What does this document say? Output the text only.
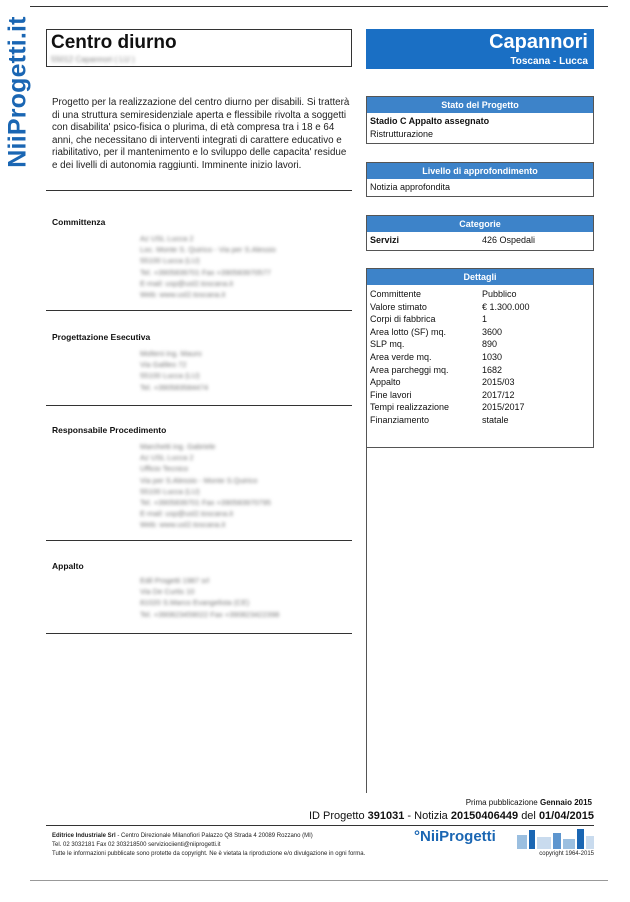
NiiProgetti.it Centro diurno
55012 Capannori ( LU )
Capannori
Toscana - Lucca
Progetto per la realizzazione del centro diurno per disabili. Si tratterà di una struttura semiresidenziale aperta e flessibile rivolta a soggetti con disabilita' psico-fisica o plurima, di età compresa tra i 18 e 64 anni, che necessitano di interventi integrati di carattere educativo e riabilitativo, per il mantenimento e lo sviluppo delle capacita' residue e dei livelli di autonomia raggiunti. Imminente inizio lavori.
Committenza
Az USL Lucca 2
Loc. Monte S. Quirico - Via per S.Alessio
55100 Lucca (LU)
Tel. +3905839701 Fax +390583970577
E-mail: usp@usl2.toscana.it
Web: www.usl2.toscana.it
Progettazione Esecutiva
Molteni ing. Mauro
Via Galileo 72
55100 Lucca (LU)
Tel. +390583584474
Responsabile Procedimento
Marchetti ing. Gabriele
Az USL Lucca 2
Ufficio Tecnico
Via per S.Alessio - Monte S.Quirico
55100 Lucca (LU)
Tel. +3905839701 Fax +390583970795
E-mail: usp@usl2.toscana.it
Web: www.usl2.toscana.it
Appalto
Edil Progetti 1987 srl
Via De Curtis 10
81020 S.Marco Evangelista (CE)
Tel. +390823459022 Fax +390823422398
Stato del Progetto
Stadio C Appalto assegnato
Ristrutturazione
Livello di approfondimento
Notizia approfondita
Categorie
Servizi	426 Ospedali
Dettagli
Committente	Pubblico
Valore stimato	€ 1.300.000
Corpi di fabbrica	1
Area lotto (SF) mq.	3600
SLP mq.	890
Area verde mq.	1030
Area parcheggi mq.	1682
Appalto	2015/03
Fine lavori	2017/12
Tempi realizzazione	2015/2017
Finanziamento	statale
Prima pubblicazione Gennaio 2015
ID Progetto 391031 - Notizia 20150406449 del 01/04/2015
Editrice Industriale Srl - Centro Direzionale Milanofiori Palazzo Q8 Strada 4 20089 Rozzano (MI)
Tel. 02 3032181 Fax 02 303218500 serviziociienti@niiprogetti.it
Tutte le informazioni pubblicate sono protette da copyright. Ne è vietata la riproduzione e/o divulgazione in ogni forma.
°NiiProgetti
copyright 1964-2015
